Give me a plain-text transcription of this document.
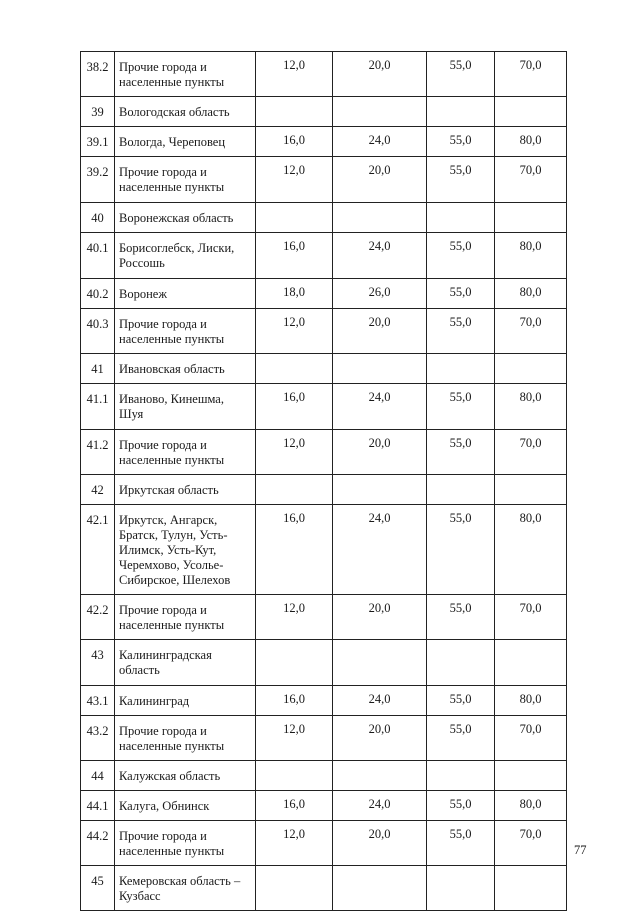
38.2	Прочие города и населенные пункты	12,0	20,0	55,0	70,0
39	Вологодская область				
39.1	Вологда, Череповец	16,0	24,0	55,0	80,0
39.2	Прочие города и населенные пункты	12,0	20,0	55,0	70,0
40	Воронежская область				
40.1	Борисоглебск, Лиски, Россошь	16,0	24,0	55,0	80,0
40.2	Воронеж	18,0	26,0	55,0	80,0
40.3	Прочие города и населенные пункты	12,0	20,0	55,0	70,0
41	Ивановская область				
41.1	Иваново, Кинешма, Шуя	16,0	24,0	55,0	80,0
41.2	Прочие города и населенные пункты	12,0	20,0	55,0	70,0
42	Иркутская область				
42.1	Иркутск, Ангарск, Братск, Тулун, Усть-Илимск, Усть-Кут, Черемхово, Усолье-Сибирское, Шелехов	16,0	24,0	55,0	80,0
42.2	Прочие города и населенные пункты	12,0	20,0	55,0	70,0
43	Калининградская область				
43.1	Калининград	16,0	24,0	55,0	80,0
43.2	Прочие города и населенные пункты	12,0	20,0	55,0	70,0
44	Калужская область				
44.1	Калуга, Обнинск	16,0	24,0	55,0	80,0
44.2	Прочие города и населенные пункты	12,0	20,0	55,0	70,0
45	Кемеровская область – Кузбасс				
77
